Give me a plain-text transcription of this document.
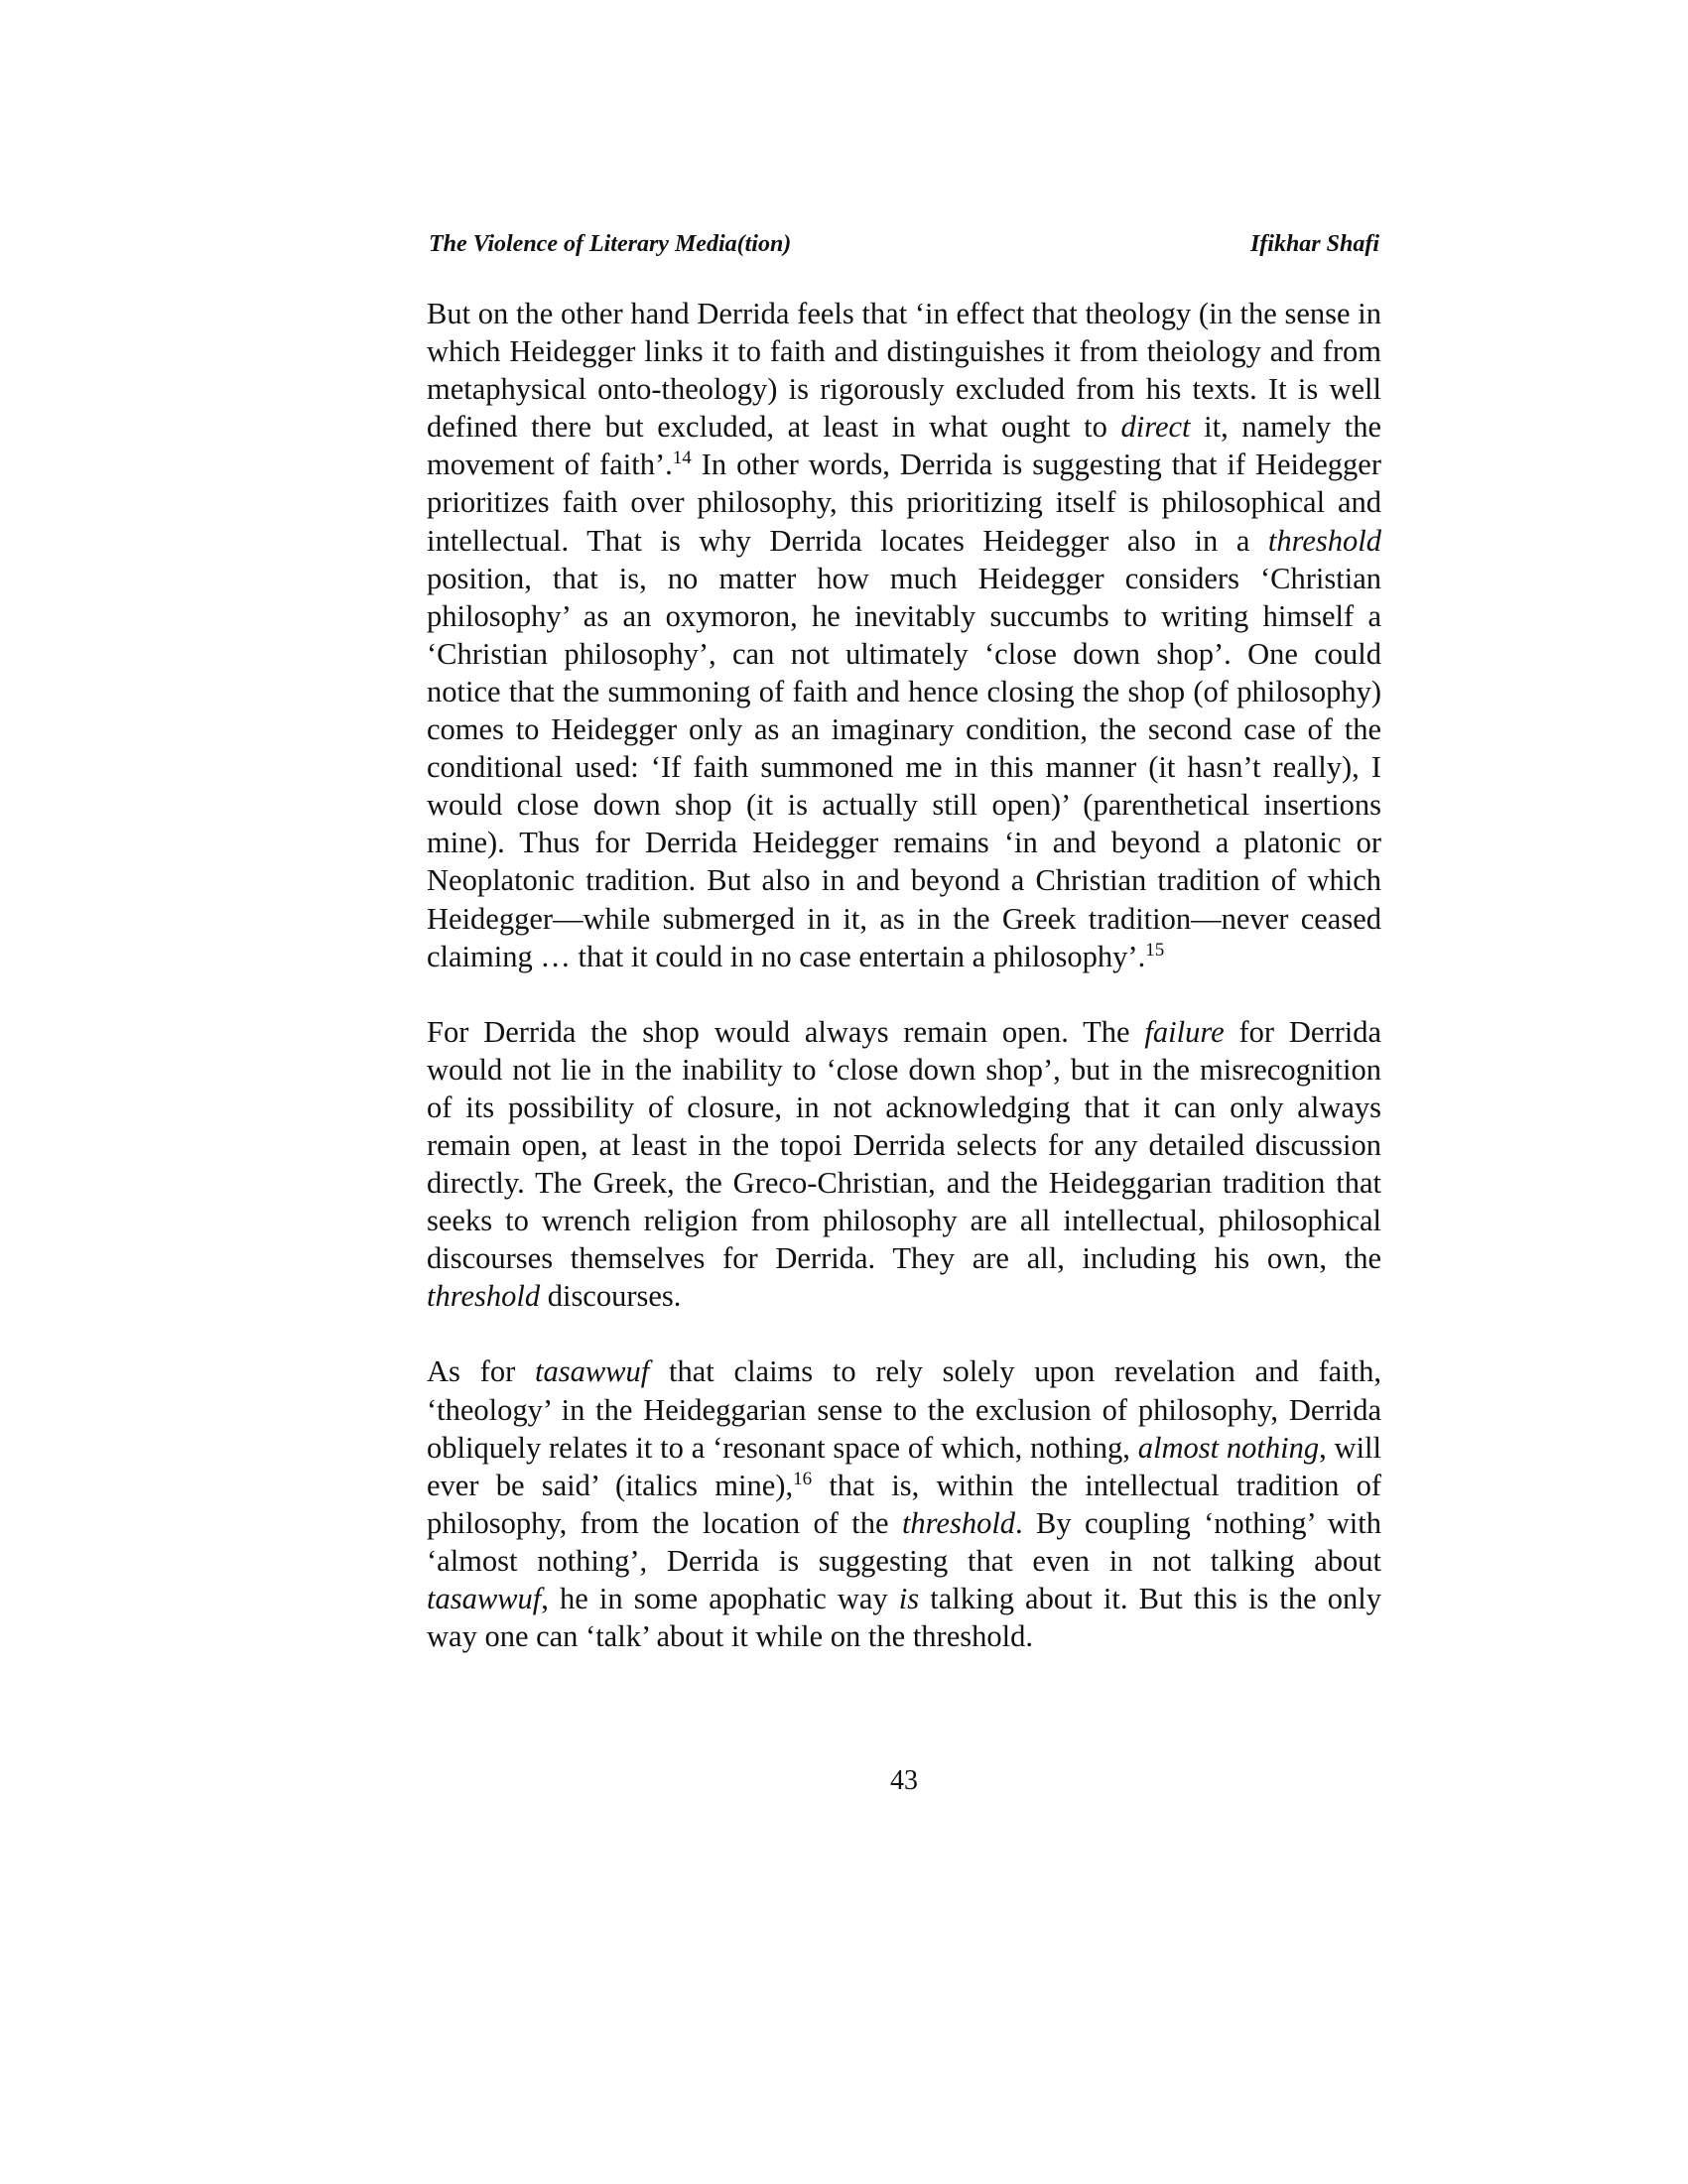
The Violence of Literary Media(tion)	Ifikhar Shafi

But on the other hand Derrida feels that ‘in effect that theology (in the sense in which Heidegger links it to faith and distinguishes it from theiology and from metaphysical onto-theology) is rigorously excluded from his texts. It is well defined there but excluded, at least in what ought to direct it, namely the movement of faith’.$^{14}$ In other words, Derrida is suggesting that if Heidegger prioritizes faith over philosophy, this prioritizing itself is philosophical and intellectual. That is why Derrida locates Heidegger also in a threshold position, that is, no matter how much Heidegger considers ‘Christian philosophy’ as an oxymoron, he inevitably succumbs to writing himself a ‘Christian philosophy’, can not ultimately ‘close down shop’. One could notice that the summoning of faith and hence closing the shop (of philosophy) comes to Heidegger only as an imaginary condition, the second case of the conditional used: ‘If faith summoned me in this manner (it hasn’t really), I would close down shop (it is actually still open)’ (parenthetical insertions mine). Thus for Derrida Heidegger remains ‘in and beyond a platonic or Neoplatonic tradition. But also in and beyond a Christian tradition of which Heidegger—while submerged in it, as in the Greek tradition—never ceased claiming … that it could in no case entertain a philosophy’.$^{15}$

For Derrida the shop would always remain open. The failure for Derrida would not lie in the inability to ‘close down shop’, but in the misrecognition of its possibility of closure, in not acknowledging that it can only always remain open, at least in the topoi Derrida selects for any detailed discussion directly. The Greek, the Greco-Christian, and the Heideggarian tradition that seeks to wrench religion from philosophy are all intellectual, philosophical discourses themselves for Derrida. They are all, including his own, the threshold discourses.

As for tasawwuf that claims to rely solely upon revelation and faith, ‘theology’ in the Heideggarian sense to the exclusion of philosophy, Derrida obliquely relates it to a ‘resonant space of which, nothing, almost nothing, will ever be said’ (italics mine),$^{16}$ that is, within the intellectual tradition of philosophy, from the location of the threshold. By coupling ‘nothing’ with ‘almost nothing’, Derrida is suggesting that even in not talking about tasawwuf, he in some apophatic way is talking about it. But this is the only way one can ‘talk’ about it while on the threshold.

43
